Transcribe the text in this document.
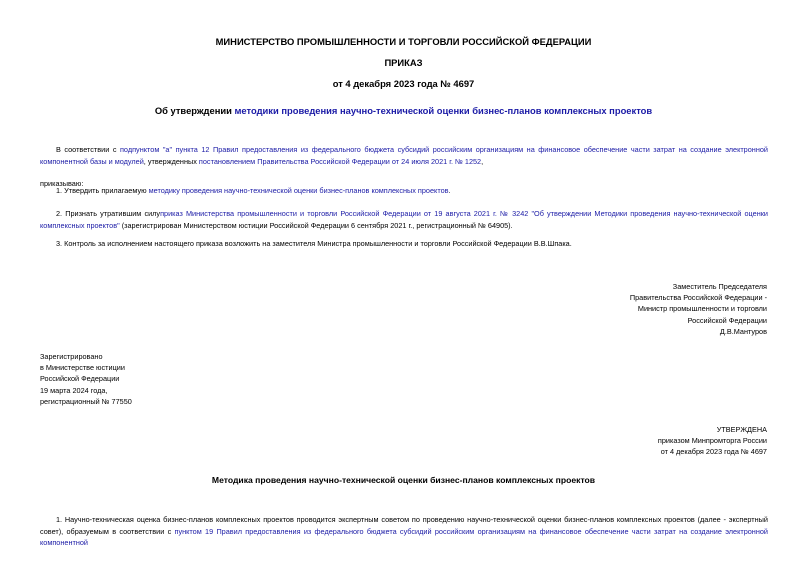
МИНИСТЕРСТВО ПРОМЫШЛЕННОСТИ И ТОРГОВЛИ РОССИЙСКОЙ ФЕДЕРАЦИИ
ПРИКАЗ
от 4 декабря 2023 года № 4697
Об утверждении методики проведения научно-технической оценки бизнес-планов комплексных проектов
В соответствии с подпунктом "а" пункта 12 Правил предоставления из федерального бюджета субсидий российским организациям на финансовое обеспечение части затрат на создание электронной компонентной базы и модулей, утвержденных постановлением Правительства Российской Федерации от 24 июля 2021 г. № 1252,
приказываю:
1. Утвердить прилагаемую методику проведения научно-технической оценки бизнес-планов комплексных проектов.
2. Признать утратившим силуприказ Министерства промышленности и торговли Российской Федерации от 19 августа 2021 г. № 3242 "Об утверждении Методики проведения научно-технической оценки комплексных проектов" (зарегистрирован Министерством юстиции Российской Федерации 6 сентября 2021 г., регистрационный № 64905).
3. Контроль за исполнением настоящего приказа возложить на заместителя Министра промышленности и торговли Российской Федерации В.В.Шпака.
Заместитель Председателя
Правительства Российской Федерации -
Министр промышленности и торговли
Российской Федерации
Д.В.Мантуров
Зарегистрировано
в Министерстве юстиции
Российской Федерации
19 марта 2024 года,
регистрационный № 77550
УТВЕРЖДЕНА
приказом Минпромторга России
от 4 декабря 2023 года № 4697
Методика проведения научно-технической оценки бизнес-планов комплексных проектов
1. Научно-техническая оценка бизнес-планов комплексных проектов проводится экспертным советом по проведению научно-технической оценки бизнес-планов комплексных проектов (далее - экспертный совет), образуемым в соответствии с пунктом 19 Правил предоставления из федерального бюджета субсидий российским организациям на финансовое обеспечение части затрат на создание электронной компонентной
